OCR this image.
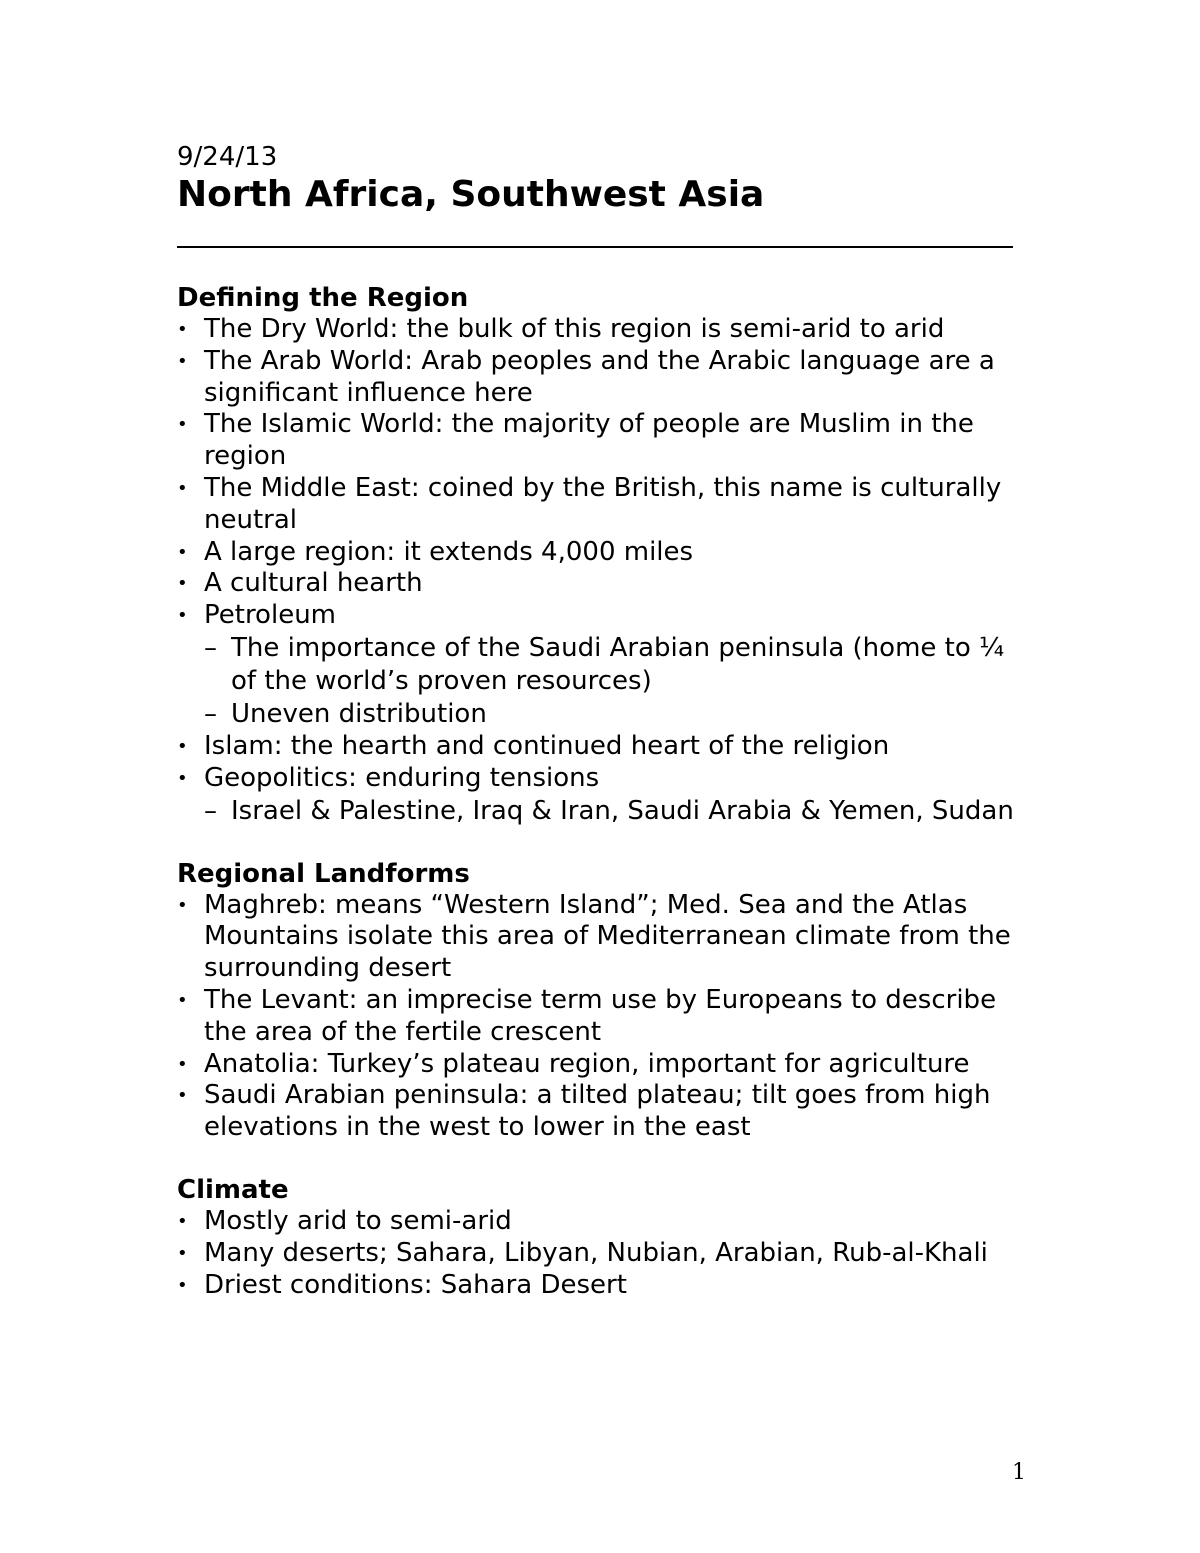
9/24/13

North Africa, Southwest Asia
Defining the Region
• The Dry World: the bulk of this region is semi-arid to arid
• The Arab World: Arab peoples and the Arabic language are a significant influence here
• The Islamic World: the majority of people are Muslim in the region
• The Middle East: coined by the British, this name is culturally neutral
• A large region: it extends 4,000 miles
• A cultural hearth
• Petroleum
– The importance of the Saudi Arabian peninsula (home to ¼ of the world’s proven resources)
– Uneven distribution
• Islam: the hearth and continued heart of the religion
• Geopolitics: enduring tensions
– Israel & Palestine, Iraq & Iran, Saudi Arabia & Yemen, Sudan
Regional Landforms
• Maghreb: means “Western Island”; Med. Sea and the Atlas Mountains isolate this area of Mediterranean climate from the surrounding desert
• The Levant: an imprecise term use by Europeans to describe the area of the fertile crescent
• Anatolia: Turkey’s plateau region, important for agriculture
• Saudi Arabian peninsula: a tilted plateau; tilt goes from high elevations in the west to lower in the east
Climate
• Mostly arid to semi-arid
• Many deserts; Sahara, Libyan, Nubian, Arabian, Rub-al-Khali
• Driest conditions: Sahara Desert
1
